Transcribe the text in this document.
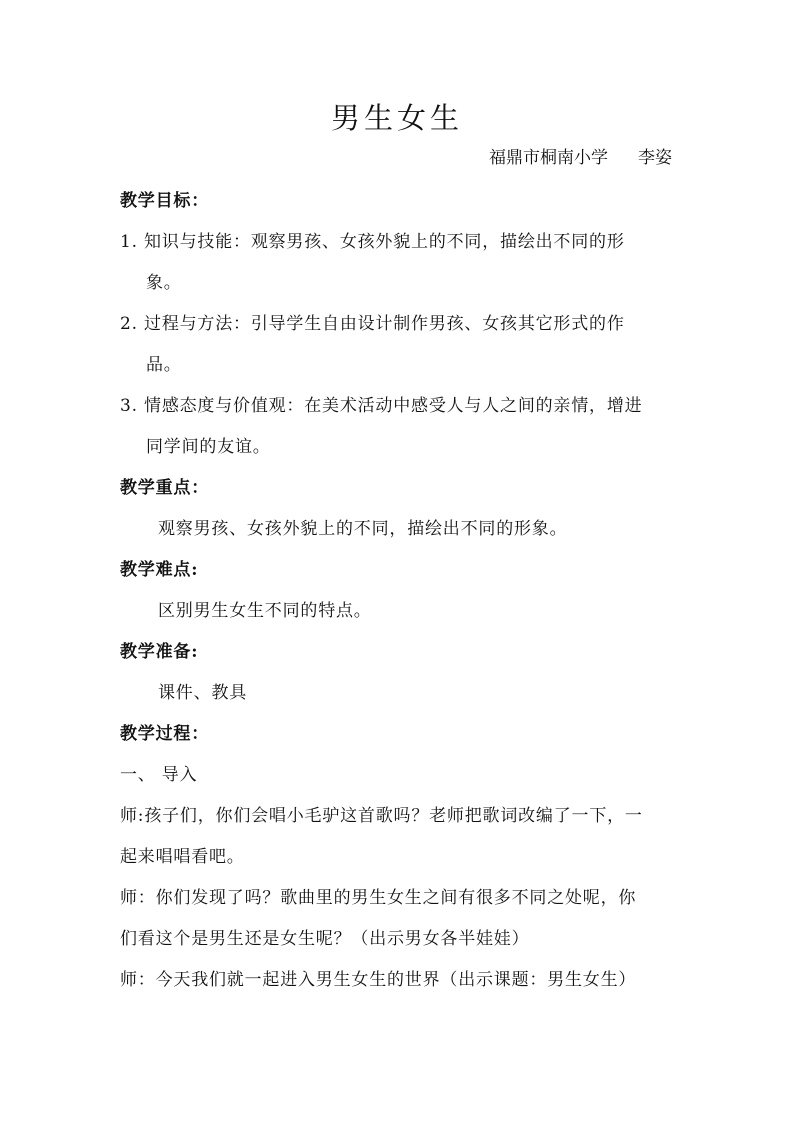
男生女生
福鼎市桐南小学 李姿
教学目标：
1. 知识与技能：观察男孩、女孩外貌上的不同，描绘出不同的形
象。
2. 过程与方法：引导学生自由设计制作男孩、女孩其它形式的作
品。
3. 情感态度与价值观：在美术活动中感受人与人之间的亲情，增进
同学间的友谊。
教学重点：
观察男孩、女孩外貌上的不同，描绘出不同的形象。
教学难点:
区别男生女生不同的特点。
教学准备:
课件、教具
教学过程：
一、 导入
师:孩子们，你们会唱小毛驴这首歌吗？老师把歌词改编了一下，一
起来唱唱看吧。
师：你们发现了吗？歌曲里的男生女生之间有很多不同之处呢，你
们看这个是男生还是女生呢？（出示男女各半娃娃）
师：今天我们就一起进入男生女生的世界（出示课题：男生女生）
